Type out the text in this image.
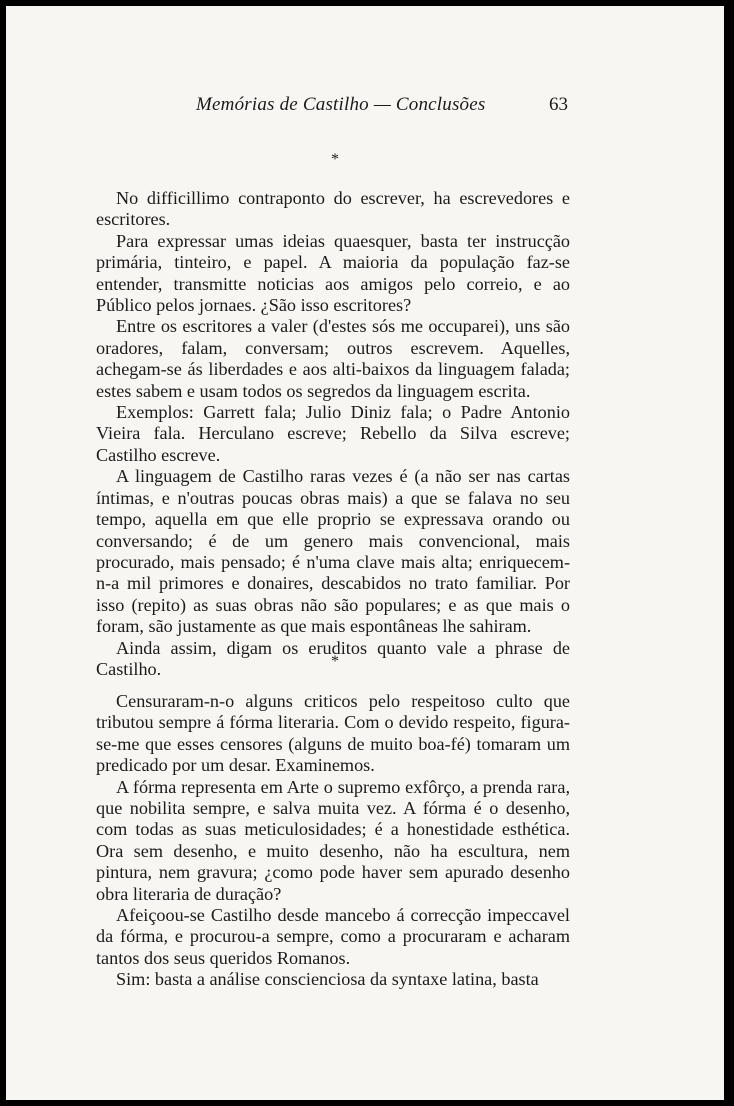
Memórias de Castilho — Conclusões	63
*

No difficillimo contraponto do escrever, ha escrevedores e escritores.

Para expressar umas ideias quaesquer, basta ter instrucção primária, tinteiro, e papel. A maioria da população faz-se entender, transmitte noticias aos amigos pelo correio, e ao Público pelos jornaes. ¿São isso escritores?

Entre os escritores a valer (d'estes sós me occuparei), uns são oradores, falam, conversam; outros escrevem. Aquelles, achegam-se ás liberdades e aos alti-baixos da linguagem falada; estes sabem e usam todos os segredos da linguagem escrita.

Exemplos: Garrett fala; Julio Diniz fala; o Padre Antonio Vieira fala. Herculano escreve; Rebello da Silva escreve; Castilho escreve.

A linguagem de Castilho raras vezes é (a não ser nas cartas íntimas, e n'outras poucas obras mais) a que se falava no seu tempo, aquella em que elle proprio se expressava orando ou conversando; é de um genero mais convencional, mais procurado, mais pensado; é n'uma clave mais alta; enriquecem-n-a mil primores e donaires, descabidos no trato familiar. Por isso (repito) as suas obras não são populares; e as que mais o foram, são justamente as que mais espontâneas lhe sahiram.

Ainda assim, digam os eruditos quanto vale a phrase de Castilho.	*

Censuraram-n-o alguns criticos pelo respeitoso culto que tributou sempre á fórma literaria. Com o devido respeito, figura-se-me que esses censores (alguns de muito boa-fé) tomaram um predicado por um desar. Examinemos.

A fórma representa em Arte o supremo exfôrço, a prenda rara, que nobilita sempre, e salva muita vez. A fórma é o desenho, com todas as suas meticulosidades; é a honestidade esthética. Ora sem desenho, e muito desenho, não ha escultura, nem pintura, nem gravura; ¿como pode haver sem apurado desenho obra literaria de duração?

Afeiçoou-se Castilho desde mancebo á correcção impeccavel da fórma, e procurou-a sempre, como a procuraram e acharam tantos dos seus queridos Romanos.

Sim: basta a análise conscienciosa da syntaxe latina, basta
